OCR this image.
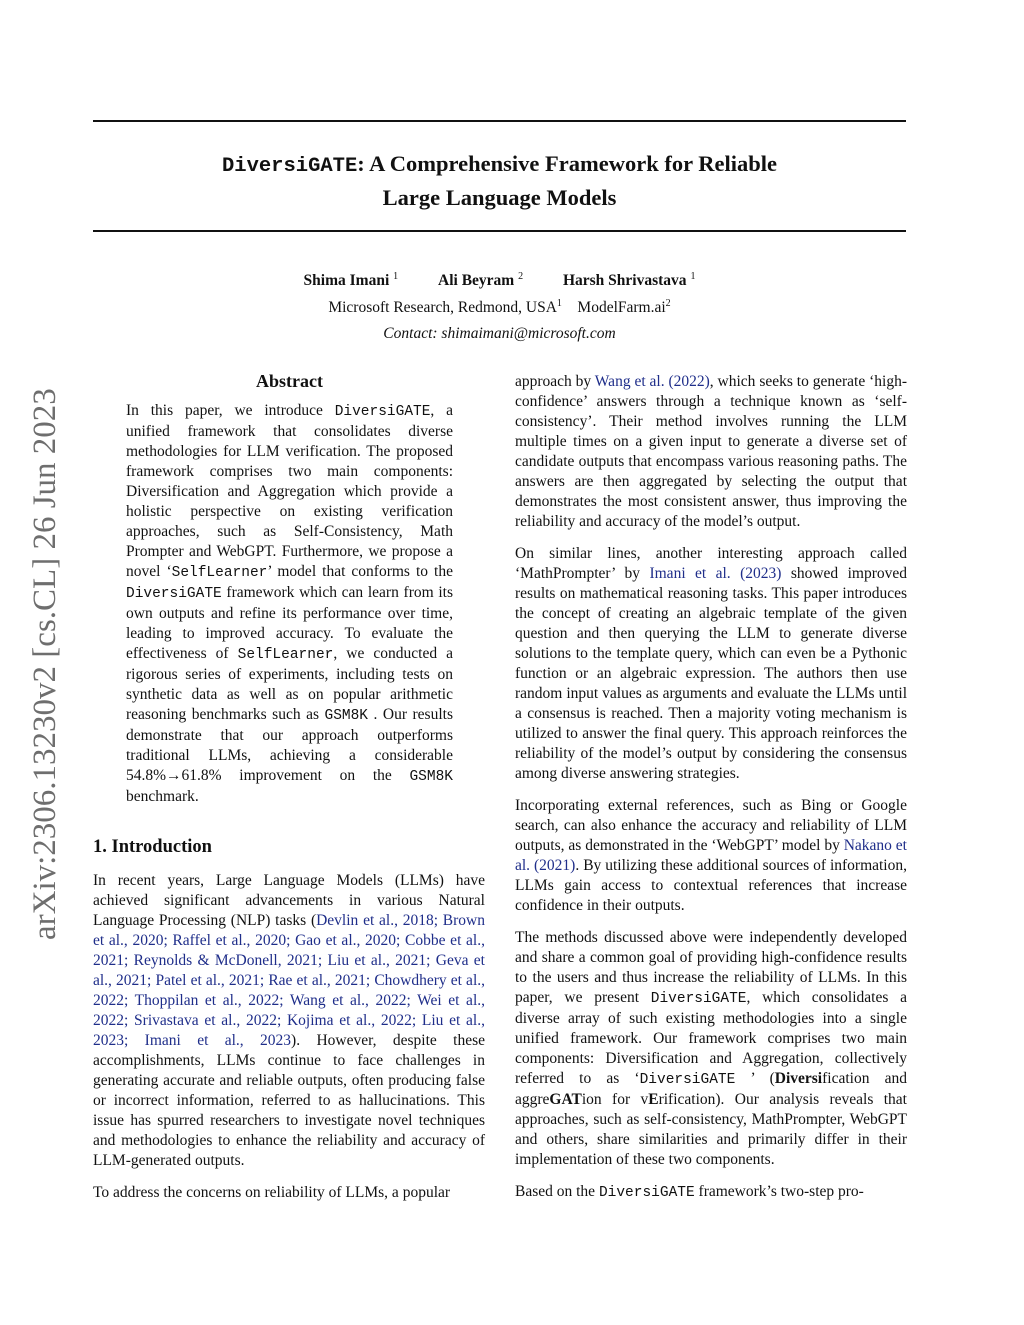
arXiv:2306.13230v2 [cs.CL] 26 Jun 2023
DiversiGATE: A Comprehensive Framework for Reliable
Large Language Models
Shima Imani $^1$	Ali Beyram $^2$	Harsh Shrivastava $^1$
Microsoft Research, Redmond, USA$^1$ $ModelFarm.ai^2$
Contact: shimaimani@microsoft.com
Abstract
In this paper, we introduce DiversiGATE, a unified framework that consolidates diverse methodologies for LLM verification. The proposed framework comprises two main components: Diversification and Aggregation which provide a holistic perspective on existing verification approaches, such as Self-Consistency, Math Prompter and WebGPT. Furthermore, we propose a novel ‘SelfLearner’ model that conforms to the DiversiGATE framework which can learn from its own outputs and refine its performance over time, leading to improved accuracy. To evaluate the effectiveness of SelfLearner, we conducted a rigorous series of experiments, including tests on synthetic data as well as on popular arithmetic reasoning benchmarks such as GSM8K . Our results demonstrate that our approach outperforms traditional LLMs, achieving a considerable 54.8%→61.8% improvement on the GSM8K benchmark.
1. Introduction

In recent years, Large Language Models (LLMs) have achieved significant advancements in various Natural Language Processing (NLP) tasks (Devlin et al., 2018; Brown et al., 2020; Raffel et al., 2020; Gao et al., 2020; Cobbe et al., 2021; Reynolds & McDonell, 2021; Liu et al., 2021; Geva et al., 2021; Patel et al., 2021; Rae et al., 2021; Chowdhery et al., 2022; Thoppilan et al., 2022; Wang et al., 2022; Wei et al., 2022; Srivastava et al., 2022; Kojima et al., 2022; Liu et al., 2023; Imani et al., 2023). However, despite these accomplishments, LLMs continue to face challenges in generating accurate and reliable outputs, often producing false or incorrect information, referred to as hallucinations. This issue has spurred researchers to investigate novel techniques and methodologies to enhance the reliability and accuracy of LLM-generated outputs.

To address the concerns on reliability of LLMs, a popular

approach by Wang et al. (2022), which seeks to generate ‘high-confidence’ answers through a technique known as ‘self-consistency’. Their method involves running the LLM multiple times on a given input to generate a diverse set of candidate outputs that encompass various reasoning paths. The answers are then aggregated by selecting the output that demonstrates the most consistent answer, thus improving the reliability and accuracy of the model’s output.

On similar lines, another interesting approach called ‘MathPrompter’ by Imani et al. (2023) showed improved results on mathematical reasoning tasks. This paper introduces the concept of creating an algebraic template of the given question and then querying the LLM to generate diverse solutions to the template query, which can even be a Pythonic function or an algebraic expression. The authors then use random input values as arguments and evaluate the LLMs until a consensus is reached. Then a majority voting mechanism is utilized to answer the final query. This approach reinforces the reliability of the model’s output by considering the consensus among diverse answering strategies.

Incorporating external references, such as Bing or Google search, can also enhance the accuracy and reliability of LLM outputs, as demonstrated in the ‘WebGPT’ model by Nakano et al. (2021). By utilizing these additional sources of information, LLMs gain access to contextual references that increase confidence in their outputs.

The methods discussed above were independently developed and share a common goal of providing high-confidence results to the users and thus increase the reliability of LLMs. In this paper, we present DiversiGATE, which consolidates a diverse array of such existing methodologies into a single unified framework. Our framework comprises two main components: Diversification and Aggregation, collectively referred to as ‘DiversiGATE ’ (Diversification and aggreGATion for vErification). Our analysis reveals that approaches, such as self-consistency, MathPrompter, WebGPT and others, share similarities and primarily differ in their implementation of these two components.

Based on the DiversiGATE framework’s two-step pro-
